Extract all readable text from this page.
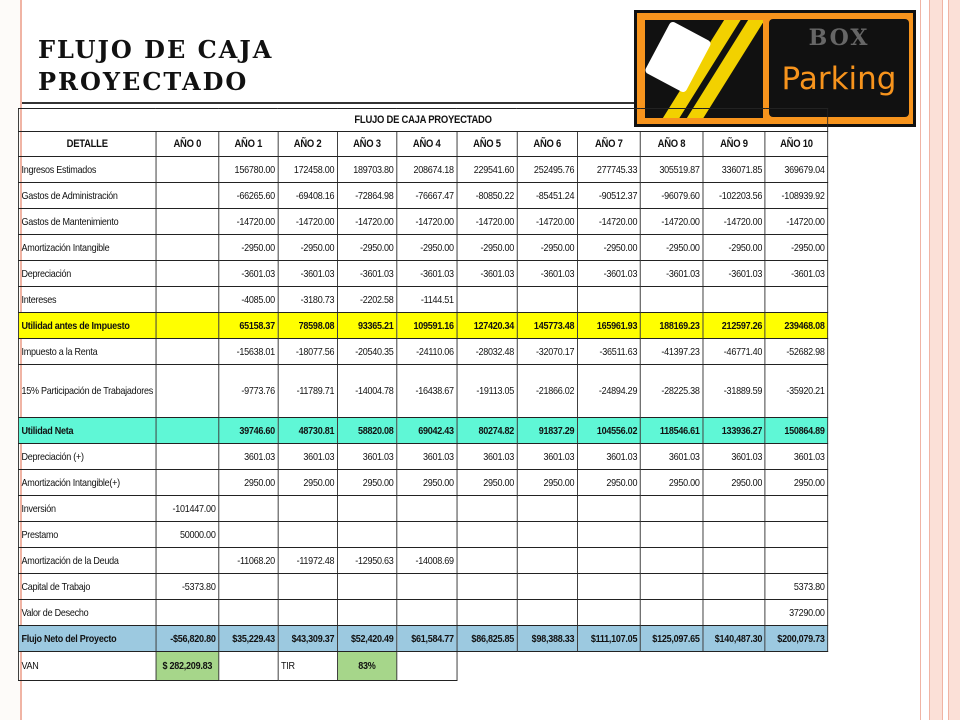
FLUJO DE CAJA PROYECTADO
BOX
Parking
FLUJO DE CAJA PROYECTADO											
DETALLE	AÑO 0	AÑO 1	AÑO 2	AÑO 3	AÑO 4	AÑO 5	AÑO 6	AÑO 7	AÑO 8	AÑO 9	AÑO 10
Ingresos Estimados		156780.00	172458.00	189703.80	208674.18	229541.60	252495.76	277745.33	305519.87	336071.85	369679.04
Gastos de Administración		-66265.60	-69408.16	-72864.98	-76667.47	-80850.22	-85451.24	-90512.37	-96079.60	-102203.56	-108939.92
Gastos de Mantenimiento		-14720.00	-14720.00	-14720.00	-14720.00	-14720.00	-14720.00	-14720.00	-14720.00	-14720.00	-14720.00
Amortización Intangible		-2950.00	-2950.00	-2950.00	-2950.00	-2950.00	-2950.00	-2950.00	-2950.00	-2950.00	-2950.00
Depreciación		-3601.03	-3601.03	-3601.03	-3601.03	-3601.03	-3601.03	-3601.03	-3601.03	-3601.03	-3601.03
Intereses		-4085.00	-3180.73	-2202.58	-1144.51						
Utilidad antes de Impuesto		65158.37	78598.08	93365.21	109591.16	127420.34	145773.48	165961.93	188169.23	212597.26	239468.08
Impuesto a la Renta		-15638.01	-18077.56	-20540.35	-24110.06	-28032.48	-32070.17	-36511.63	-41397.23	-46771.40	-52682.98
15% Participación de Trabajadores		-9773.76	-11789.71	-14004.78	-16438.67	-19113.05	-21866.02	-24894.29	-28225.38	-31889.59	-35920.21
Utilidad Neta		39746.60	48730.81	58820.08	69042.43	80274.82	91837.29	104556.02	118546.61	133936.27	150864.89
Depreciación (+)		3601.03	3601.03	3601.03	3601.03	3601.03	3601.03	3601.03	3601.03	3601.03	3601.03
Amortización Intangible(+)		2950.00	2950.00	2950.00	2950.00	2950.00	2950.00	2950.00	2950.00	2950.00	2950.00
Inversión	-101447.00										
Prestamo	50000.00										
Amortización de la Deuda		-11068.20	-11972.48	-12950.63	-14008.69						
Capital de Trabajo	-5373.80										5373.80
Valor de Desecho											37290.00
Flujo Neto del Proyecto	-$56,820.80	$35,229.43	$43,309.37	$52,420.49	$61,584.77	$86,825.85	$98,388.33	$111,107.05	$125,097.65	$140,487.30	$200,079.73
VAN	$ 282,209.83		TIR	83%							
